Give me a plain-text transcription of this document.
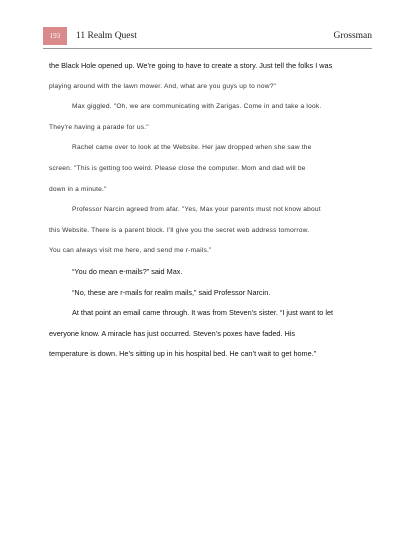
193 11 Realm Quest	Grossman
the Black Hole opened up. We’re going to have to create a story. Just tell the folks I was
playing around with the lawn mower. And, what are you guys up to now?"
Max giggled. "Oh, we are communicating with Zarigas. Come in and take a look.
They're having a parade for us."
Rachel came over to look at the Website. Her jaw dropped when she saw the
screen. "This is getting too weird. Please close the computer. Mom and dad will be
down in a minute."
Professor Narcin agreed from afar. "Yes, Max your parents must not know about
this Website. There is a parent block. I'll give you the secret web address tomorrow.
You can always visit me here, and send me r-mails.”
“You do mean e-mails?” said Max.
“No, these are r-mails for realm mails,” said Professor Narcin.
At that point an email came through. It was from Steven’s sister. “I just want to let
everyone know. A miracle has just occurred. Steven’s poxes have faded. His
temperature is down. He’s sitting up in his hospital bed. He can’t wait to get home.”
